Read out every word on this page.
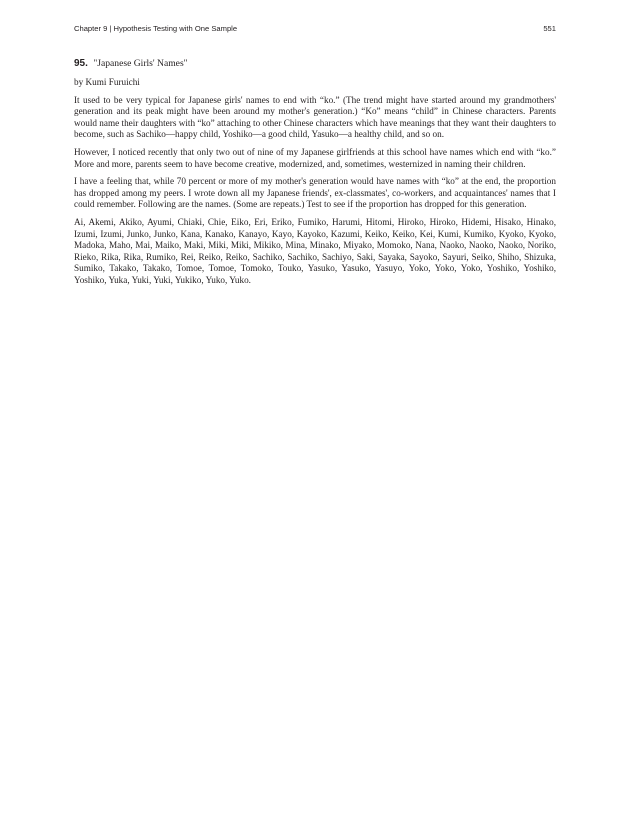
Chapter 9 | Hypothesis Testing with One Sample	551
95. "Japanese Girls' Names"
by Kumi Furuichi

It used to be very typical for Japanese girls' names to end with “ko.” (The trend might have started around my grandmothers' generation and its peak might have been around my mother's generation.) “Ko” means “child” in Chinese characters. Parents would name their daughters with “ko” attaching to other Chinese characters which have meanings that they want their daughters to become, such as Sachiko—happy child, Yoshiko—a good child, Yasuko—a healthy child, and so on.

However, I noticed recently that only two out of nine of my Japanese girlfriends at this school have names which end with “ko.” More and more, parents seem to have become creative, modernized, and, sometimes, westernized in naming their children.

I have a feeling that, while 70 percent or more of my mother's generation would have names with “ko” at the end, the proportion has dropped among my peers. I wrote down all my Japanese friends', ex-classmates', co-workers, and acquaintances' names that I could remember. Following are the names. (Some are repeats.) Test to see if the proportion has dropped for this generation.

Ai, Akemi, Akiko, Ayumi, Chiaki, Chie, Eiko, Eri, Eriko, Fumiko, Harumi, Hitomi, Hiroko, Hiroko, Hidemi, Hisako, Hinako, Izumi, Izumi, Junko, Junko, Kana, Kanako, Kanayo, Kayo, Kayoko, Kazumi, Keiko, Keiko, Kei, Kumi, Kumiko, Kyoko, Kyoko, Madoka, Maho, Mai, Maiko, Maki, Miki, Miki, Mikiko, Mina, Minako, Miyako, Momoko, Nana, Naoko, Naoko, Naoko, Noriko, Rieko, Rika, Rika, Rumiko, Rei, Reiko, Reiko, Sachiko, Sachiko, Sachiyo, Saki, Sayaka, Sayoko, Sayuri, Seiko, Shiho, Shizuka, Sumiko, Takako, Takako, Tomoe, Tomoe, Tomoko, Touko, Yasuko, Yasuko, Yasuyo, Yoko, Yoko, Yoko, Yoshiko, Yoshiko, Yoshiko, Yuka, Yuki, Yuki, Yukiko, Yuko, Yuko.
